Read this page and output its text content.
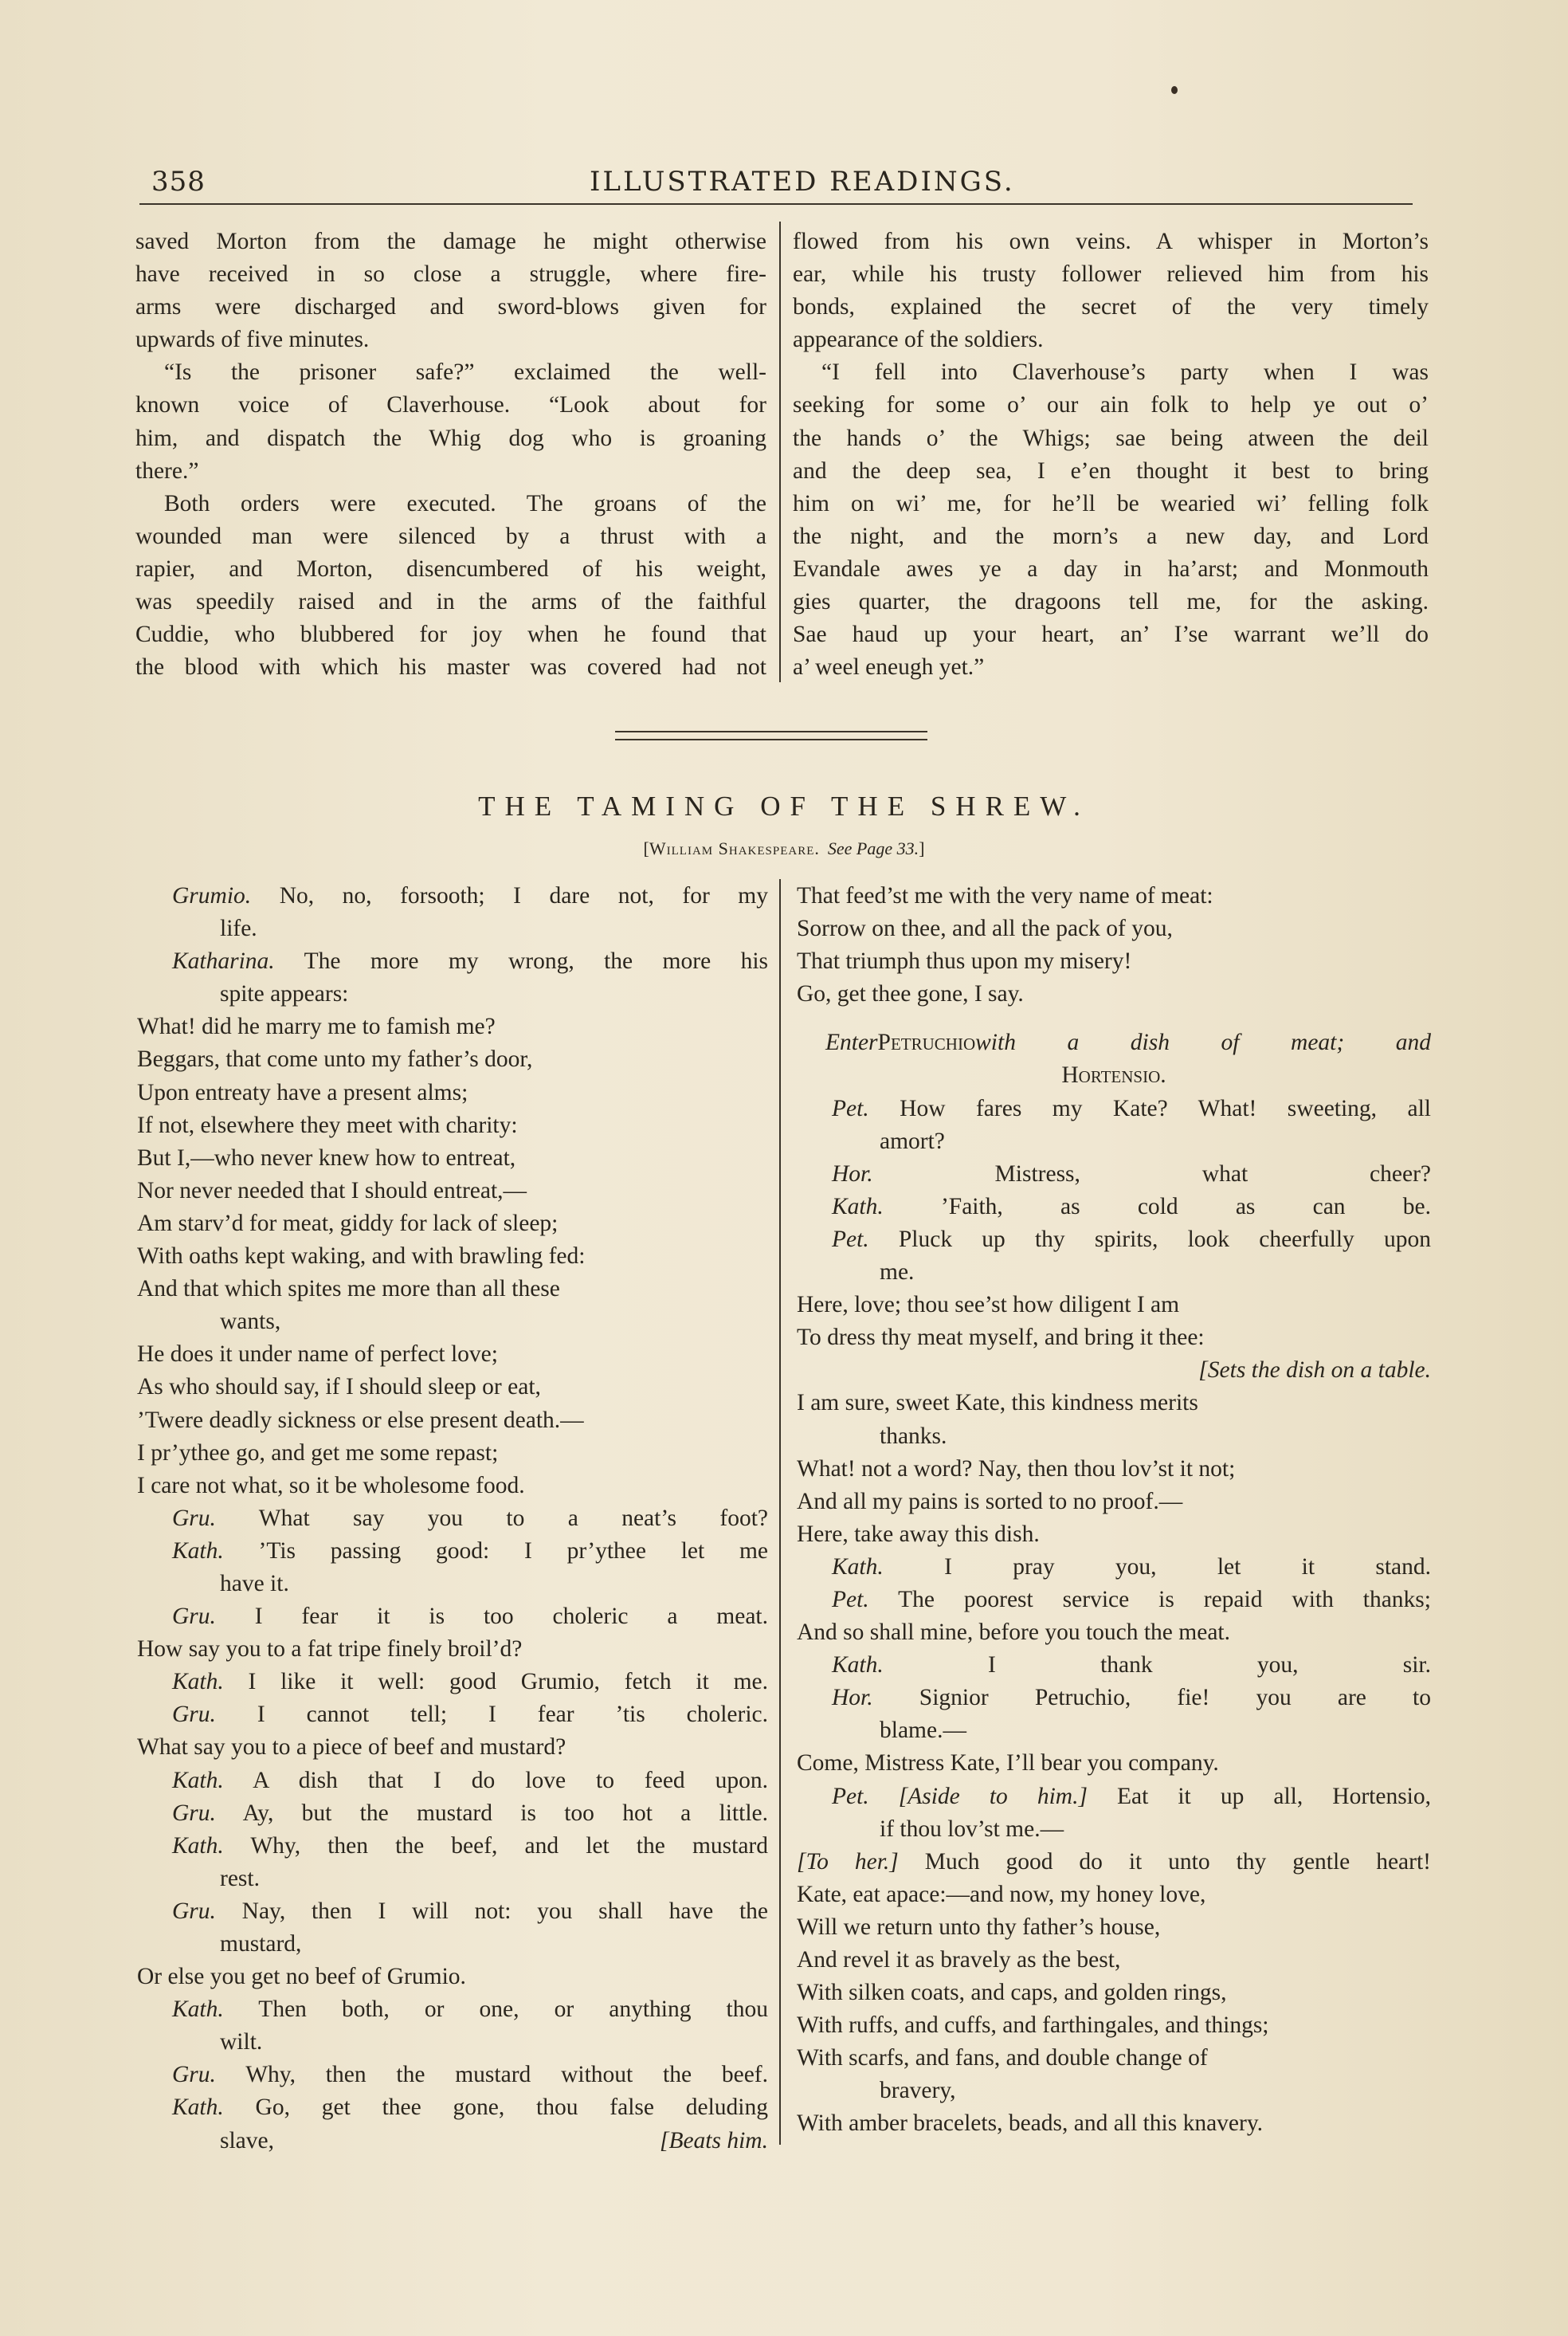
358	ILLUSTRATED READINGS.

saved Morton from the damage he might otherwise

have received in so close a struggle, where fire-

arms were discharged and sword-blows given for

upwards of five minutes.

“Is the prisoner safe?” exclaimed the well-

known voice of Claverhouse. “Look about for

him, and dispatch the Whig dog who is groaning

there.”

Both orders were executed. The groans of the

wounded man were silenced by a thrust with a

rapier, and Morton, disencumbered of his weight,

was speedily raised and in the arms of the faithful

Cuddie, who blubbered for joy when he found that

the blood with which his master was covered had not

flowed from his own veins. A whisper in Morton’s

ear, while his trusty follower relieved him from his

bonds, explained the secret of the very timely

appearance of the soldiers.

“I fell into Claverhouse’s party when I was

seeking for some o’ our ain folk to help ye out o’

the hands o’ the Whigs; sae being atween the deil

and the deep sea, I e’en thought it best to bring

him on wi’ me, for he’ll be wearied wi’ felling folk

the night, and the morn’s a new day, and Lord

Evandale awes ye a day in ha’arst; and Monmouth

gies quarter, the dragoons tell me, for the asking.

Sae haud up your heart, an’ I’se warrant we’ll do

a’ weel eneugh yet.”

THE TAMING OF THE SHREW.
[William Shakespeare. See Page 33.]
Grumio. No, no, forsooth; I dare not, for my
life.
Katharina. The more my wrong, the more his
spite appears:
What! did he marry me to famish me?
Beggars, that come unto my father’s door,
Upon entreaty have a present alms;
If not, elsewhere they meet with charity:
But I,—who never knew how to entreat,
Nor never needed that I should entreat,—
Am starv’d for meat, giddy for lack of sleep;
With oaths kept waking, and with brawling fed:
And that which spites me more than all these
wants,
He does it under name of perfect love;
As who should say, if I should sleep or eat,
’Twere deadly sickness or else present death.—
I pr’ythee go, and get me some repast;
I care not what, so it be wholesome food.
Gru. What say you to a neat’s foot?
Kath. ’Tis passing good: I pr’ythee let me
have it.
Gru. I fear it is too choleric a meat.
How say you to a fat tripe finely broil’d?
Kath. I like it well: good Grumio, fetch it me.
Gru. I cannot tell; I fear ’tis choleric.
What say you to a piece of beef and mustard?
Kath. A dish that I do love to feed upon.
Gru. Ay, but the mustard is too hot a little.
Kath. Why, then the beef, and let the mustard
rest.
Gru. Nay, then I will not: you shall have the
mustard,
Or else you get no beef of Grumio.
Kath. Then both, or one, or anything thou
wilt.
Gru. Why, then the mustard without the beef.
Kath. Go, get thee gone, thou false deluding
slave,	[Beats him.
That feed’st me with the very name of meat:
Sorrow on thee, and all the pack of you,
That triumph thus upon my misery!
Go, get thee gone, I say.
EnterPetruchiowith a dish of meat; and
Hortensio.
Pet. How fares my Kate? What! sweeting, all
amort?
Hor.	Mistress, what cheer?
Kath. ’Faith, as cold as can be.
Pet. Pluck up thy spirits, look cheerfully upon
me.
Here, love; thou see’st how diligent I am
To dress thy meat myself, and bring it thee:
[Sets the dish on a table.
I am sure, sweet Kate, this kindness merits
thanks.
What! not a word? Nay, then thou lov’st it not;
And all my pains is sorted to no proof.—
Here, take away this dish.
Kath.	I pray you, let it stand.
Pet. The poorest service is repaid with thanks;
And so shall mine, before you touch the meat.
Kath.	I thank you, sir.
Hor. Signior Petruchio, fie! you are to
blame.—
Come, Mistress Kate, I’ll bear you company.
Pet. [Aside to him.] Eat it up all, Hortensio,
if thou lov’st me.—
[To her.] Much good do it unto thy gentle heart!
Kate, eat apace:—and now, my honey love,
Will we return unto thy father’s house,
And revel it as bravely as the best,
With silken coats, and caps, and golden rings,
With ruffs, and cuffs, and farthingales, and things;
With scarfs, and fans, and double change of
bravery,
With amber bracelets, beads, and all this knavery.
